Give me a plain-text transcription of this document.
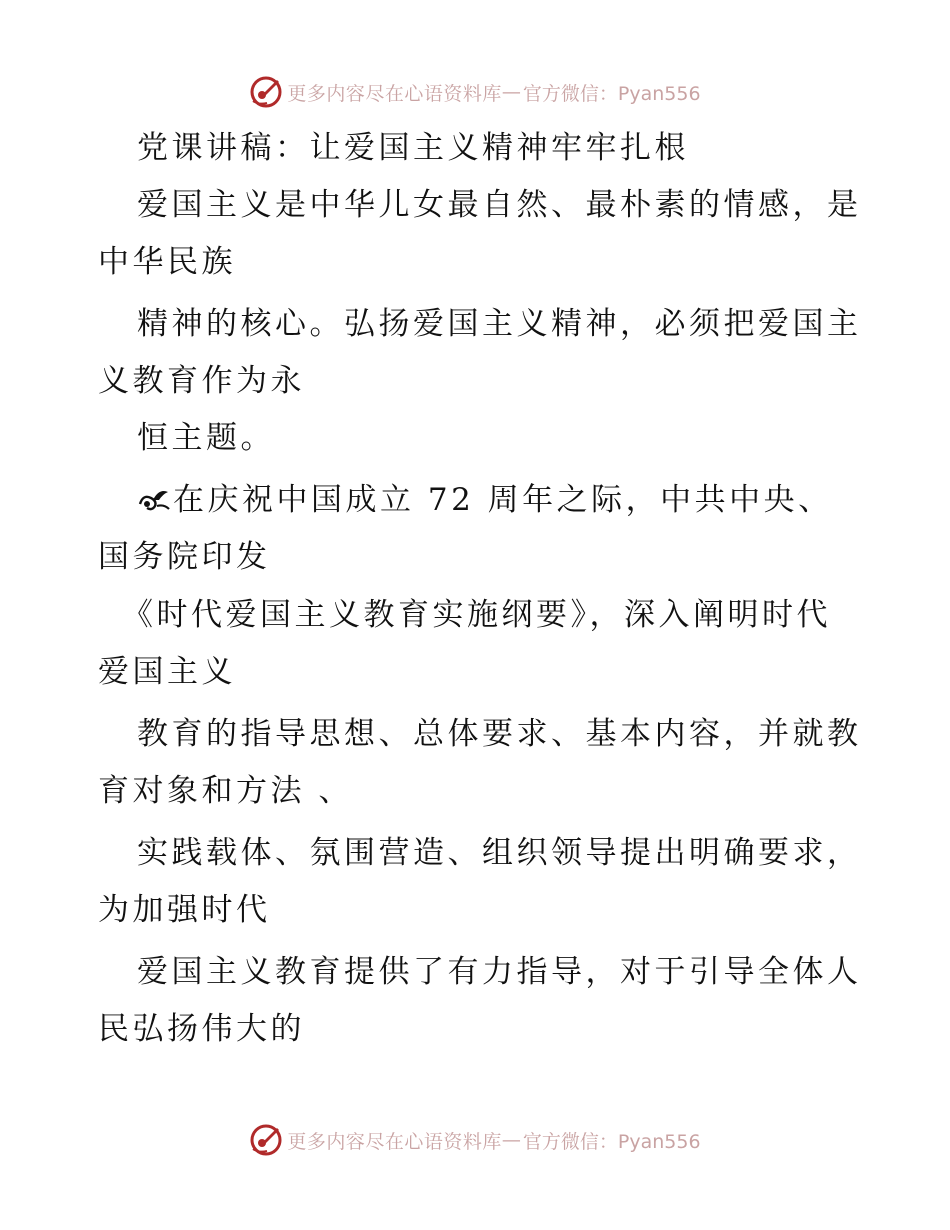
更多内容尽在心语资料库 — 官方微信：Pyan556
党课讲稿：让爱国主义精神牢牢扎根
爱国主义是中华儿女最自然、最朴素的情感，是
中华民族
精神的核心。弘扬爱国主义精神，必须把爱国主
义教育作为永
恒主题。
在庆祝中国成立 72 周年之际，中共中央、
国务院印发
《时代爱国主义教育实施纲要》，深入阐明时代
爱国主义
教育的指导思想、总体要求、基本内容，并就教
育对象和方法 、
实践载体、氛围营造、组织领导提出明确要求，
为加强时代
爱国主义教育提供了有力指导，对于引导全体人
民弘扬伟大的
更多内容尽在心语资料库 — 官方微信：Pyan556
